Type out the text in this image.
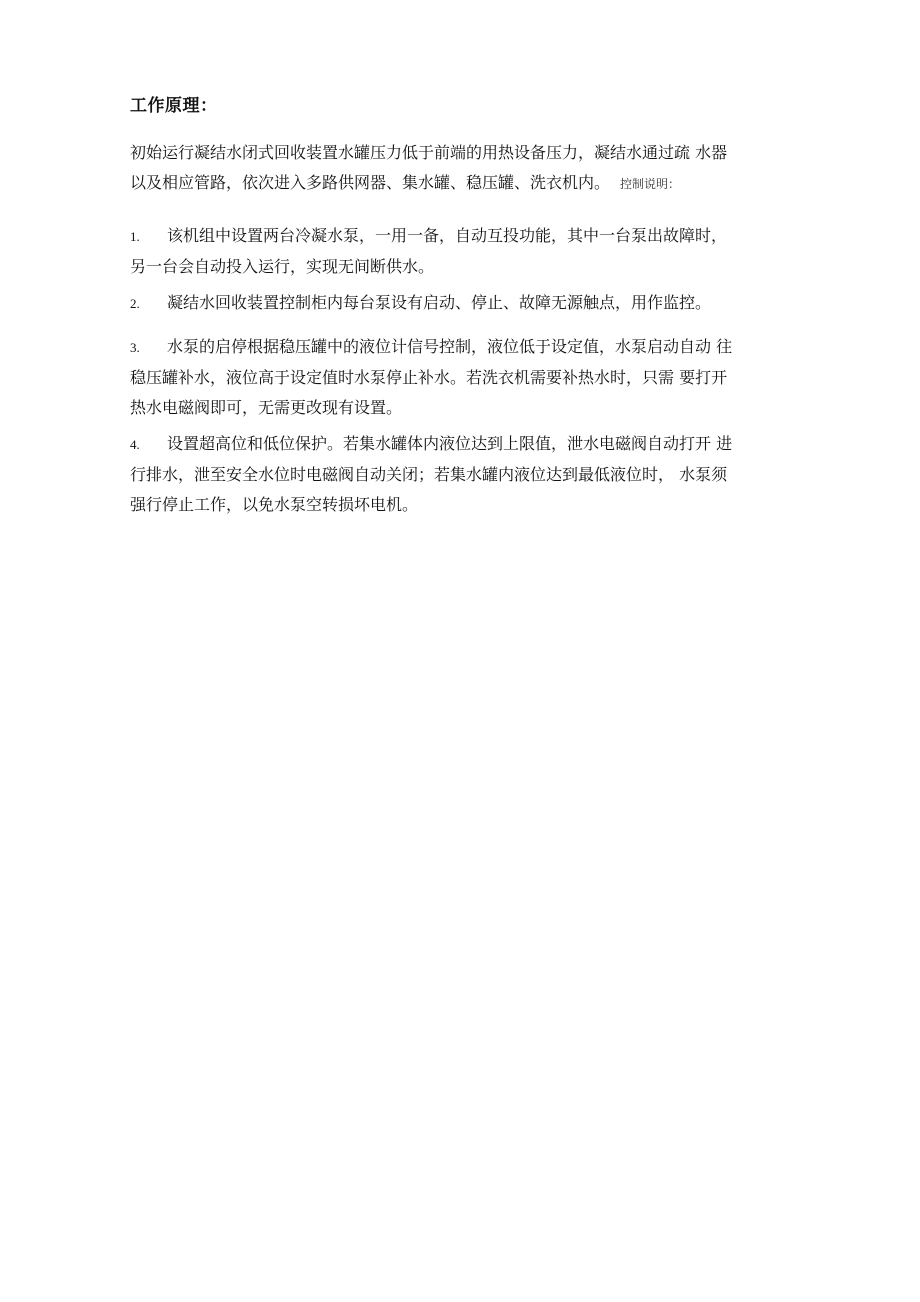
工作原理：
初始运行凝结水闭式回收装置水罐压力低于前端的用热设备压力，凝结水通过疏 水器
以及相应管路，依次进入多路供网器、集水罐、稳压罐、洗衣机内。 控制说明：
1. 该机组中设置两台冷凝水泵，一用一备，自动互投功能，其中一台泵出故障时，
另一台会自动投入运行，实现无间断供水。
2. 凝结水回收装置控制柜内每台泵设有启动、停止、故障无源触点，用作监控。
3. 水泵的启停根据稳压罐中的液位计信号控制，液位低于设定值，水泵启动自动 往
稳压罐补水，液位高于设定值时水泵停止补水。若洗衣机需要补热水时，只需 要打开
热水电磁阀即可，无需更改现有设置。
4. 设置超高位和低位保护。若集水罐体内液位达到上限值，泄水电磁阀自动打开 进
行排水，泄至安全水位时电磁阀自动关闭；若集水罐内液位达到最低液位时， 水泵须
强行停止工作，以免水泵空转损坏电机。
